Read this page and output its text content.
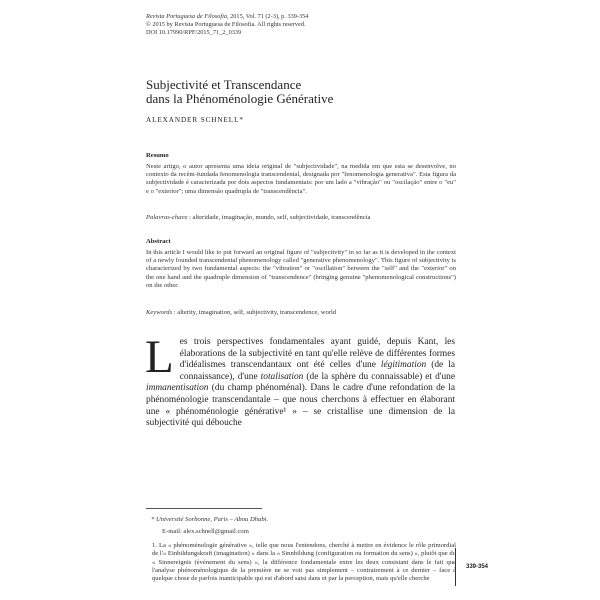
Revista Portuguesa de Filosofia, 2015, Vol. 71 (2-3), p. 339-354
© 2015 by Revista Portuguesa de Filosofia. All rights reserved.
DOI 10.17990/RPF/2015_71_2_0339
Subjectivité et Transcendance
dans la Phénoménologie Générative
ALEXANDER SCHNELL*
Resumo
Neste artigo, o autor apresenta uma ideia original de "subjectividade", na medida em que esta se desenvolve, no contexto da recém-fundada fenomenologia transcendental, designada por "fenomenologia generativa". Esta figura da subjectividade é caracterizada por dois aspectos fundamentais: por um lado a "vibração" ou "oscilação" entre o "eu" e o "exterior"; uma dimensão quadrupla de "transcendência".
Palavras-chave : alteridade, imaginação, mundo, self, subjectividade, transcendência
Abstract
In this article I would like to put forward an original figure of "subjectivity" in so far as it is developed in the context of a newly founded transcendental phenomenology called "generative phenomenology". This figure of subjectivity is characterized by two fundamental aspects: the "vibration" or "oscillation" between the "self" and the "exterior" on the one hand and the quadruple dimension of "transcendence" (bringing genuine "phenomenological constructions") on the other.
Keywords : alterity, imagination, self, subjectivity, transcendence, world
Les trois perspectives fondamentales ayant guidé, depuis Kant, les élaborations de la subjectivité en tant qu'elle relève de différentes formes d'idéalismes transcendantaux ont été celles d'une légitimation (de la connaissance), d'une totalisation (de la sphère du connaissable) et d'une immanentisation (du champ phénoménal). Dans le cadre d'une refondation de la phénoménologie transcendantale – que nous cherchons à effectuer en élaborant une « phénoménologie générative¹ » – se cristallise une dimension de la subjectivité qui débouche
* Université Sorbonne, Paris – Abou Dhabi.
E-mail: alex.schnell@gmail.com
1. La « phénoménologie générative », telle que nous l'entendons, cherché à mettre en évidence le rôle primordial de l'« Einbildungskraft (imagination) » dans la « Sinnbildung (configuration ou formation du sens) », plutôt que du « Sinnereignis (événement du sens) », la différence fondamentale entre les deux consistant dans le fait que l'analyse phénoménologique de la première ne se voit pas simplement – contrairement à ce dernier – face à quelque chose de parfois inanticipable qui est d'abord saisi dans et par la perception, mais qu'elle cherche
339-354
